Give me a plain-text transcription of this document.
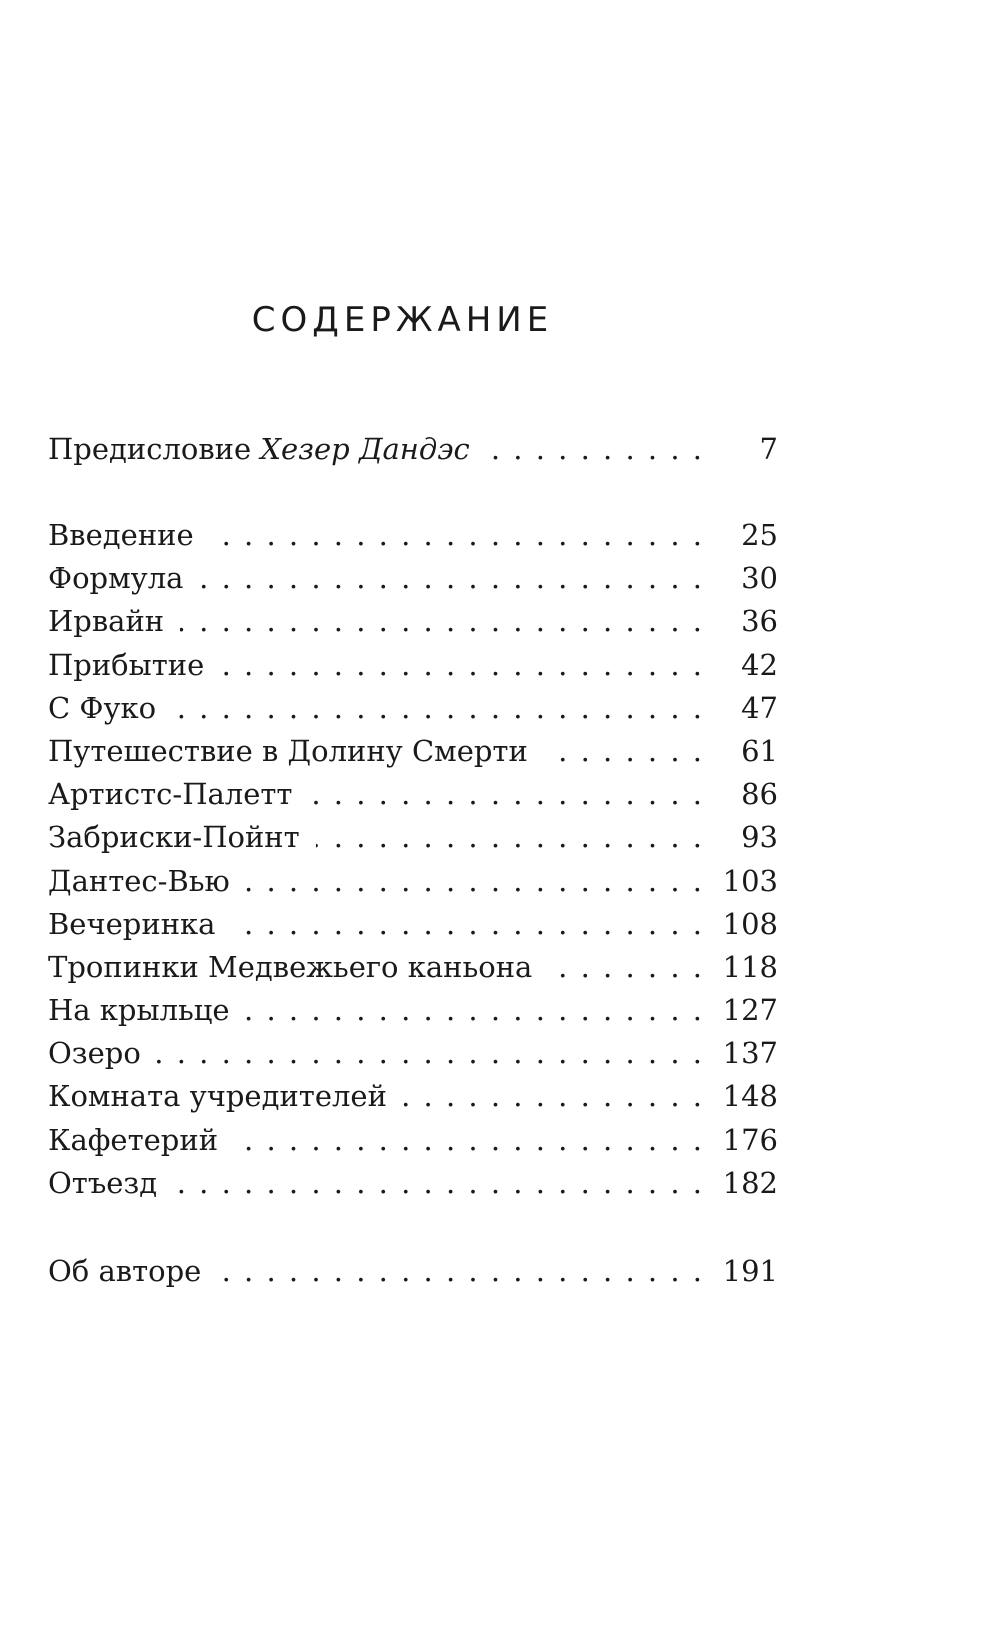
СОДЕРЖАНИЕ
Предисловие Хезер Дандэс . . .	7
Введение . . .	25
Формула . . .	30
Ирвайн . . .	36
Прибытие . . .	42
С Фуко . . .	47
Путешествие в Долину Смерти . . .	61
Артистс-Палетт . . .	86
Забриски-Пойнт . . .	93
Дантес-Вью . . .	103
Вечеринка . . .	108
Тропинки Медвежьего каньона . . .	118
На крыльце . . .	127
Озеро . . .	137
Комната учредителей . . .	148
Кафетерий . . .	176
Отъезд . . .	182
Об авторе . . .	191
